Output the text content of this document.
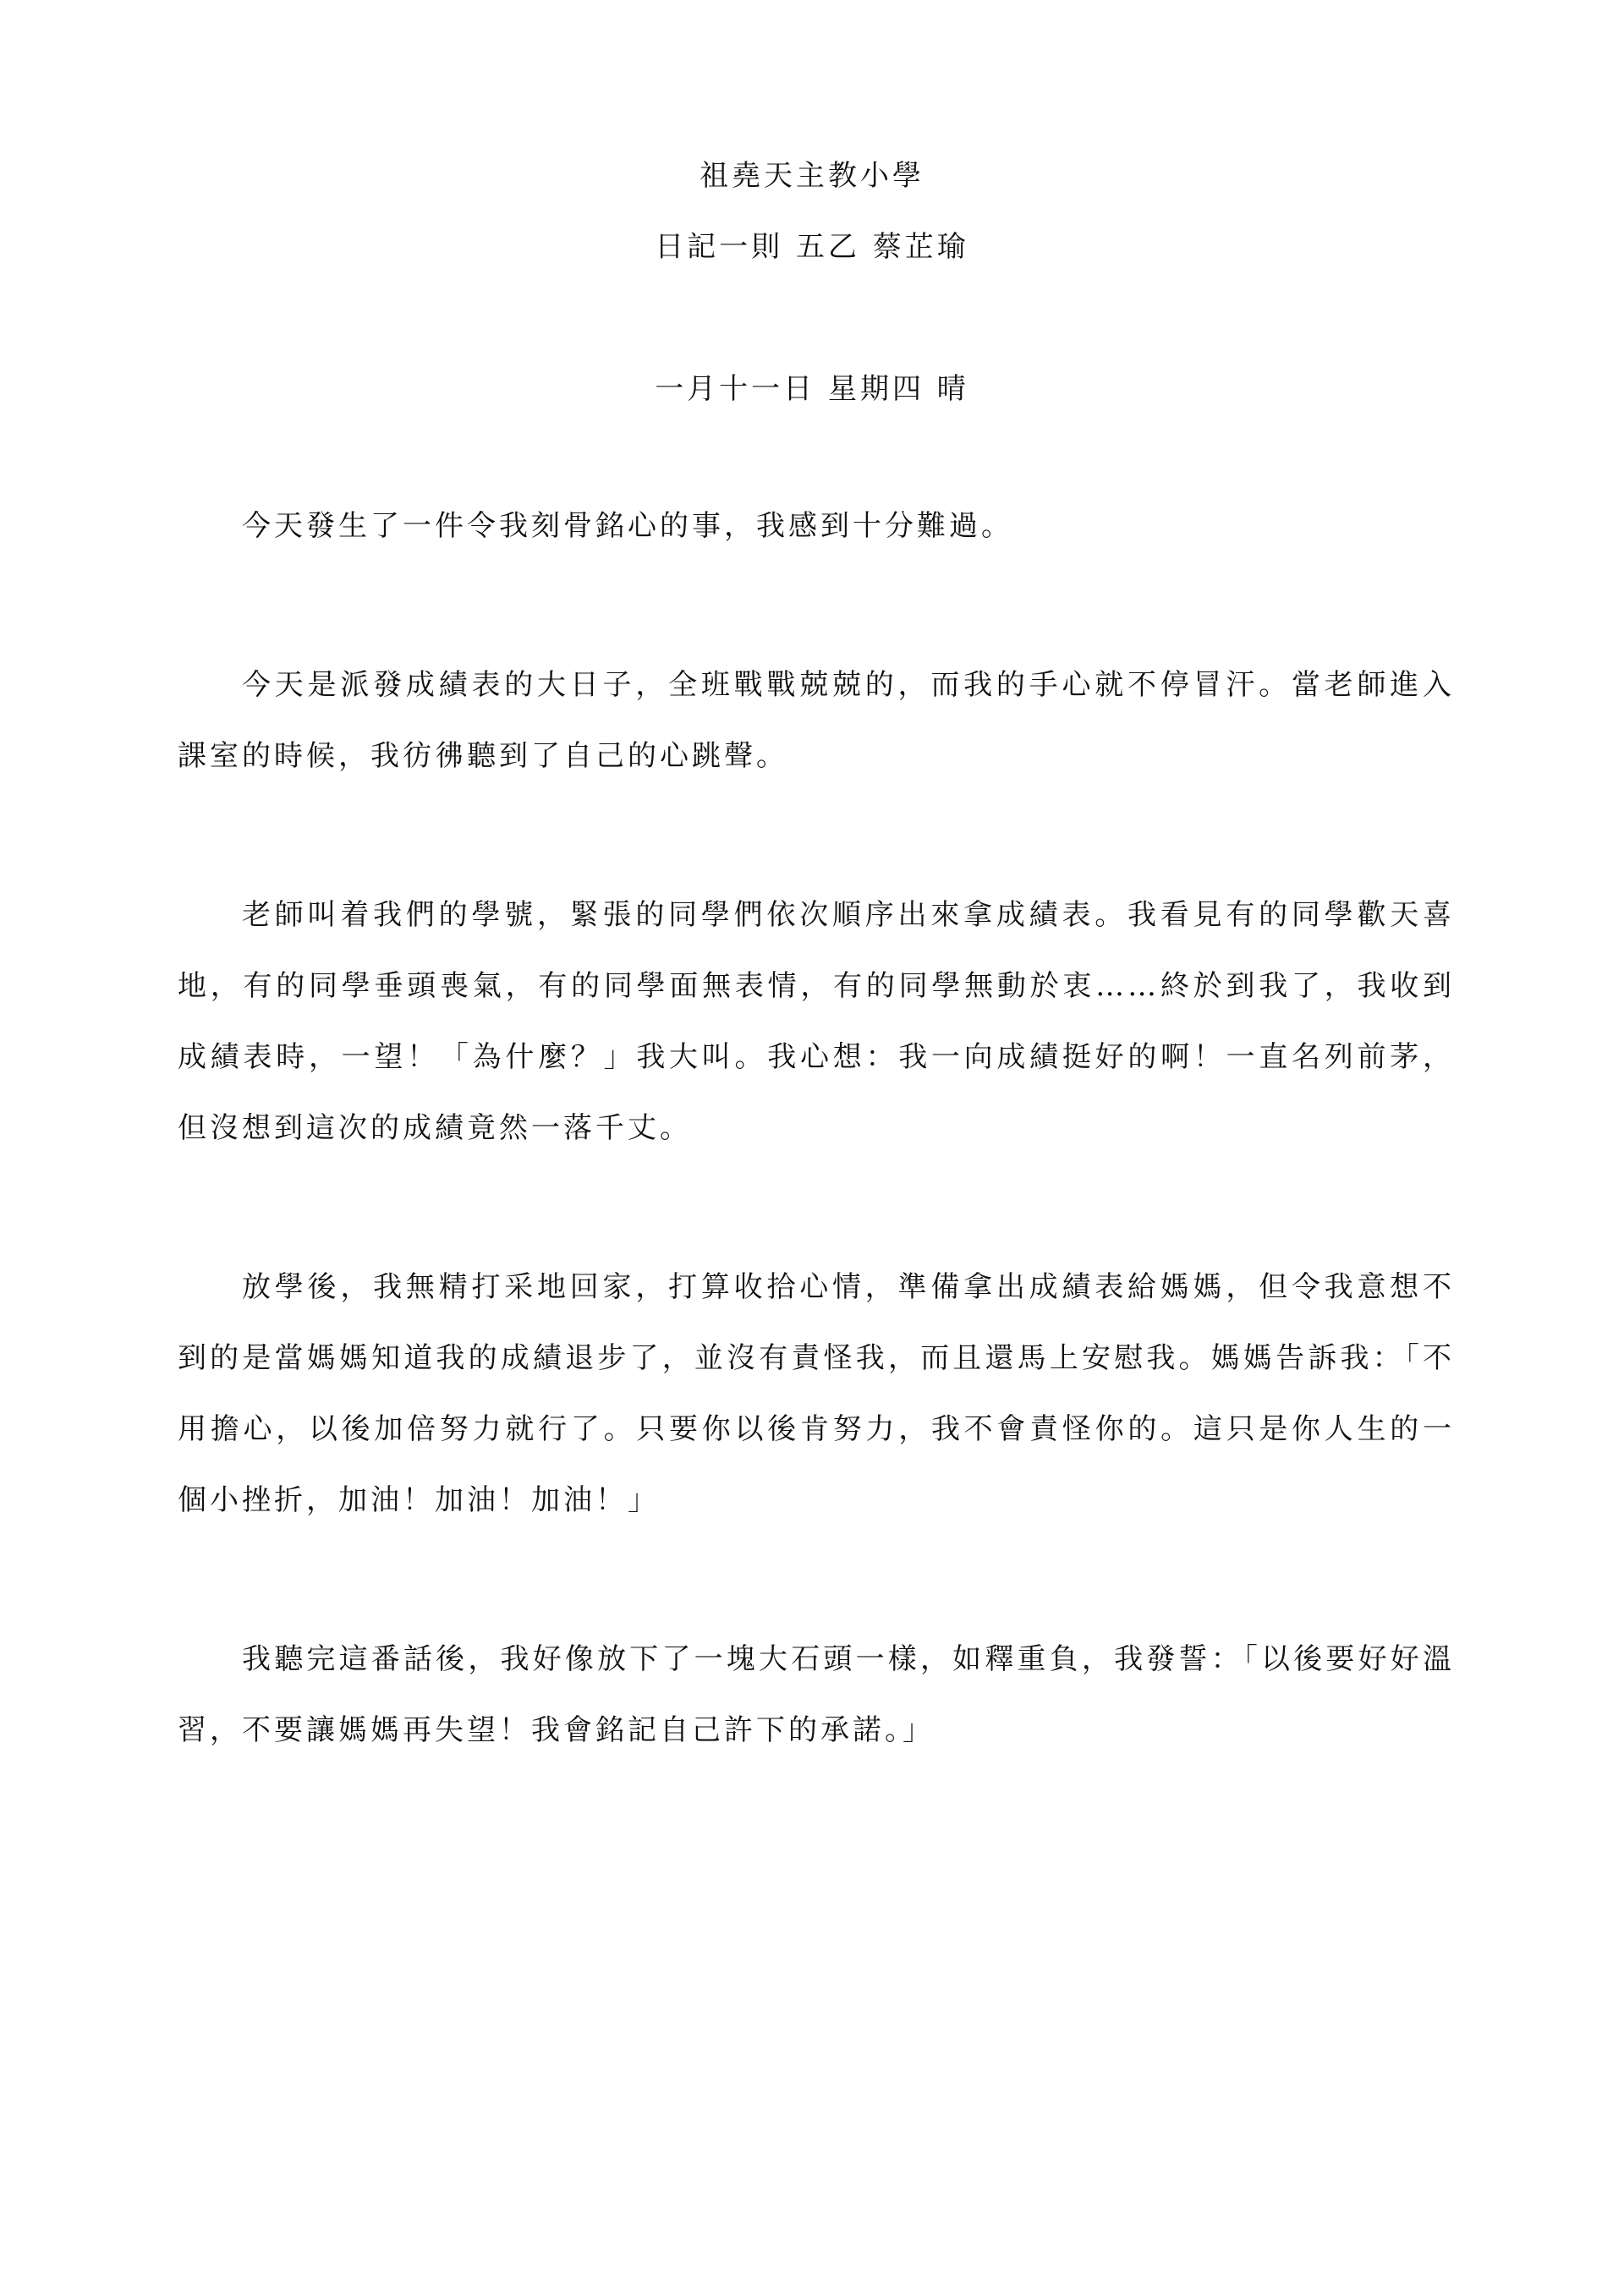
祖堯天主教小學
日記一則 五乙 蔡芷瑜
一月十一日 星期四 晴

今天發生了一件令我刻骨銘心的事，我感到十分難過。

今天是派發成績表的大日子，全班戰戰兢兢的，而我的手心就不停冒汗。當老師進入課室的時候，我彷彿聽到了自己的心跳聲。

老師叫着我們的學號，緊張的同學們依次順序出來拿成績表。我看見有的同學歡天喜地，有的同學垂頭喪氣，有的同學面無表情，有的同學無動於衷……終於到我了，我收到成績表時，一望！「為什麼？」我大叫。我心想：我一向成績挺好的啊！一直名列前茅，但沒想到這次的成績竟然一落千丈。

放學後，我無精打采地回家，打算收拾心情，準備拿出成績表給媽媽，但令我意想不到的是當媽媽知道我的成績退步了，並沒有責怪我，而且還馬上安慰我。媽媽告訴我：「不用擔心，以後加倍努力就行了。只要你以後肯努力，我不會責怪你的。這只是你人生的一個小挫折，加油！加油！加油！」

我聽完這番話後，我好像放下了一塊大石頭一樣，如釋重負，我發誓：「以後要好好溫習，不要讓媽媽再失望！我會銘記自己許下的承諾。」
